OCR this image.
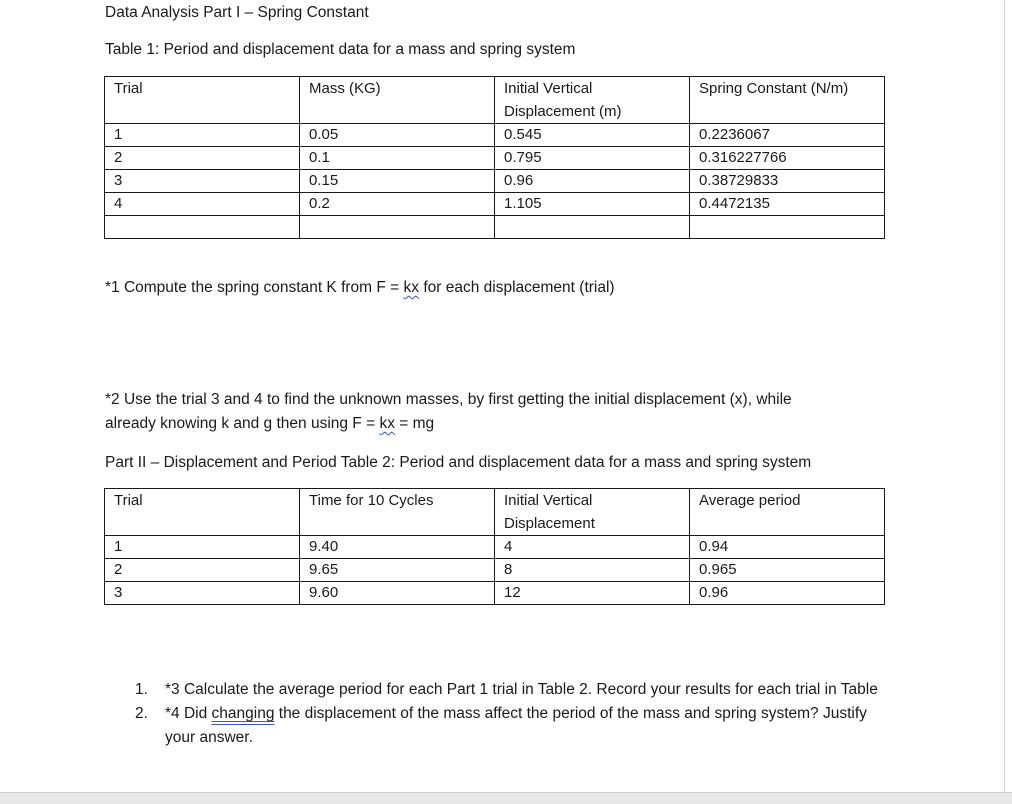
Data Analysis Part I – Spring Constant
Table 1: Period and displacement data for a mass and spring system
Trial	Mass (KG)	Initial Vertical Displacement (m)	Spring Constant (N/m)
1	0.05	0.545	0.2236067
2	0.1	0.795	0.316227766
3	0.15	0.96	0.38729833
4	0.2	1.105	0.4472135

*1 Compute the spring constant K from F = kx for each displacement (trial)
*2 Use the trial 3 and 4 to find the unknown masses, by first getting the initial displacement (x), while
already knowing k and g then using F = kx = mg
Part II – Displacement and Period Table 2: Period and displacement data for a mass and spring system
Trial	Time for 10 Cycles	Initial Vertical Displacement	Average period
1	9.40	4	0.94
2	9.65	8	0.965
3	9.60	12	0.96
1. *3 Calculate the average period for each Part 1 trial in Table 2. Record your results for each trial in Table
2. *4 Did changing the displacement of the mass affect the period of the mass and spring system? Justify your answer.
